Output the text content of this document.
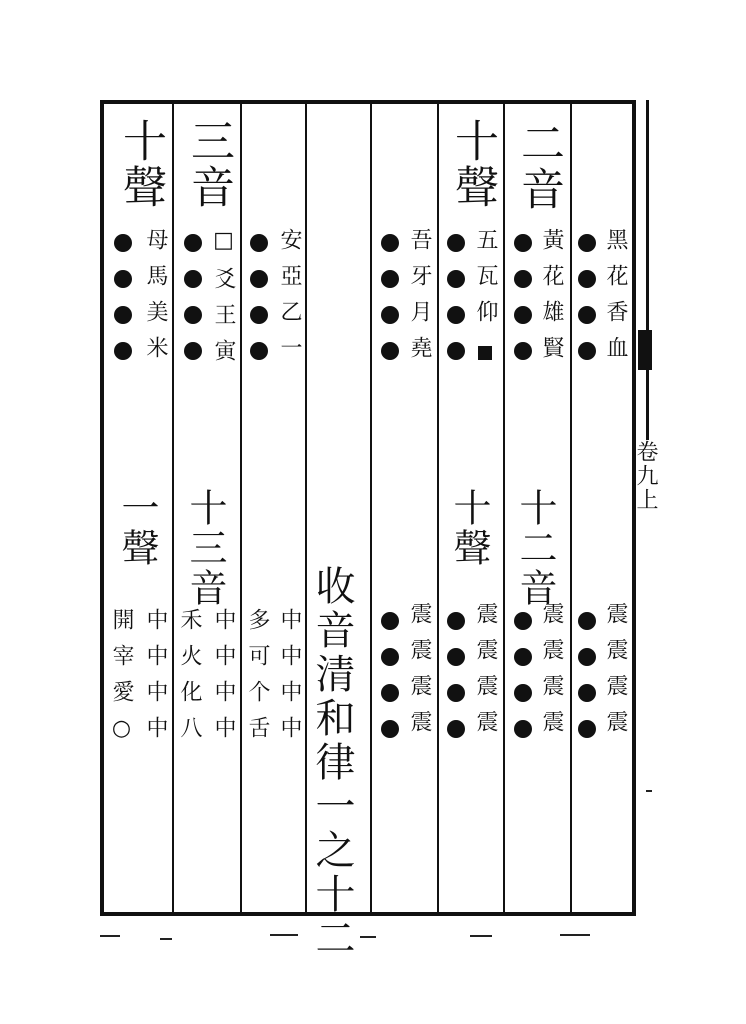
卷九上
收音清和律一之十二
黑花香血
震震震震
二音
黃花雄賢
十二音
震震震震
十聲
五瓦仰
十聲
震震震震
吾牙月堯
震震震震
安亞乙一
中中中中
多可个舌
三音
□爻王寅
十三音
中中中中
禾火化八
十聲
母馬美米
一聲
中中中中
開宰愛○
